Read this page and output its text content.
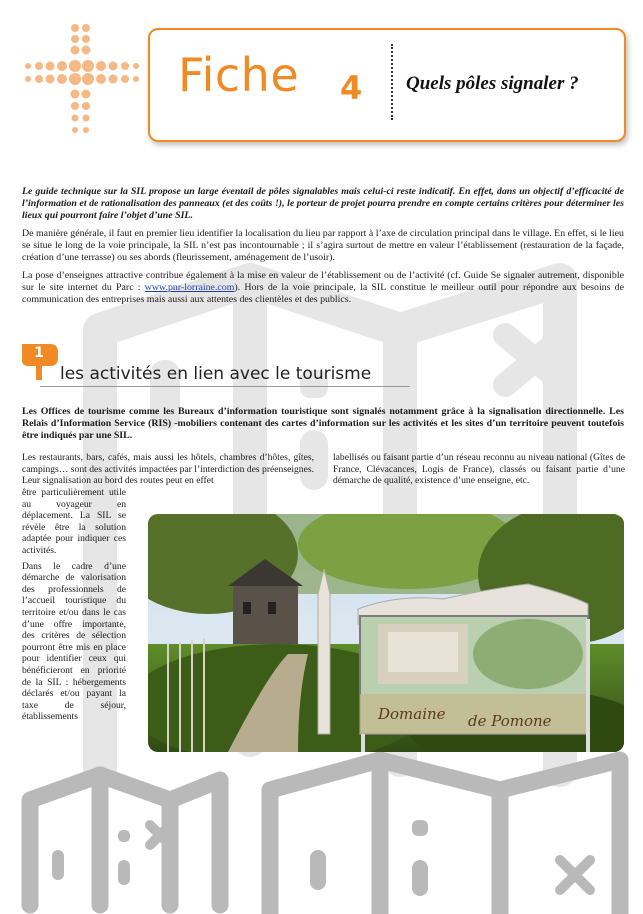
Fiche 4 Quels pôles signaler ?

Le guide technique sur la SIL propose un large éventail de pôles signalables mais celui-ci reste indicatif. En effet, dans un objectif d’efficacité de l’information et de rationalisation des panneaux (et des coûts !), le porteur de projet pourra prendre en compte certains critères pour déterminer les lieux qui pourront faire l’objet d’une SIL.

De manière générale, il faut en premier lieu identifier la localisation du lieu par rapport à l’axe de circulation principal dans le village. En effet, si le lieu se situe le long de la voie principale, la SIL n’est pas incontournable ; il s’agira surtout de mettre en valeur l’établissement (restauration de la façade, création d’une terrasse) ou ses abords (fleurissement, aménagement de l’usoir).

La pose d’enseignes attractive contribue également à la mise en valeur de l’établissement ou de l’activité (cf. Guide Se signaler autrement, disponible sur le site internet du Parc : www.pnr-lorraine.com). Hors de la voie principale, la SIL constitue le meilleur outil pour répondre aux besoins de communication des entreprises mais aussi aux attentes des clientèles et des publics.

1
les activités en lien avec le tourisme
Les Offices de tourisme comme les Bureaux d’information touristique sont signalés notamment grâce à la signalisation directionnelle. Les Relais d’Information Service (RIS) -mobiliers contenant des cartes d’information sur les activités et les sites d’un territoire peuvent toutefois être indiqués par une SIL.

Les restaurants, bars, cafés, mais aussi les hôtels, chambres d’hôtes, gîtes, campings… sont des activités impactées par l’interdiction des préenseignes. Leur signalisation au bord des routes peut en effet

labellisés ou faisant partie d’un réseau reconnu au niveau national (Gîtes de France, Clévacances, Logis de France), classés ou faisant partie d’une démarche de qualité, existence d’une enseigne, etc.

être particulièrement utile au voyageur en déplacement. La SIL se révèle être la solution adaptée pour indiquer ces activités.

Dans le cadre d’une démarche de valorisation des professionnels de l’accueil touristique du territoire et/ou dans le cas d’une offre importante, des critères de sélection pourront être mis en place pour identifier ceux qui bénéficieront en priorité de la SIL : hébergements déclarés et/ou payant la taxe de séjour, établissements	Domaine de Pomone
